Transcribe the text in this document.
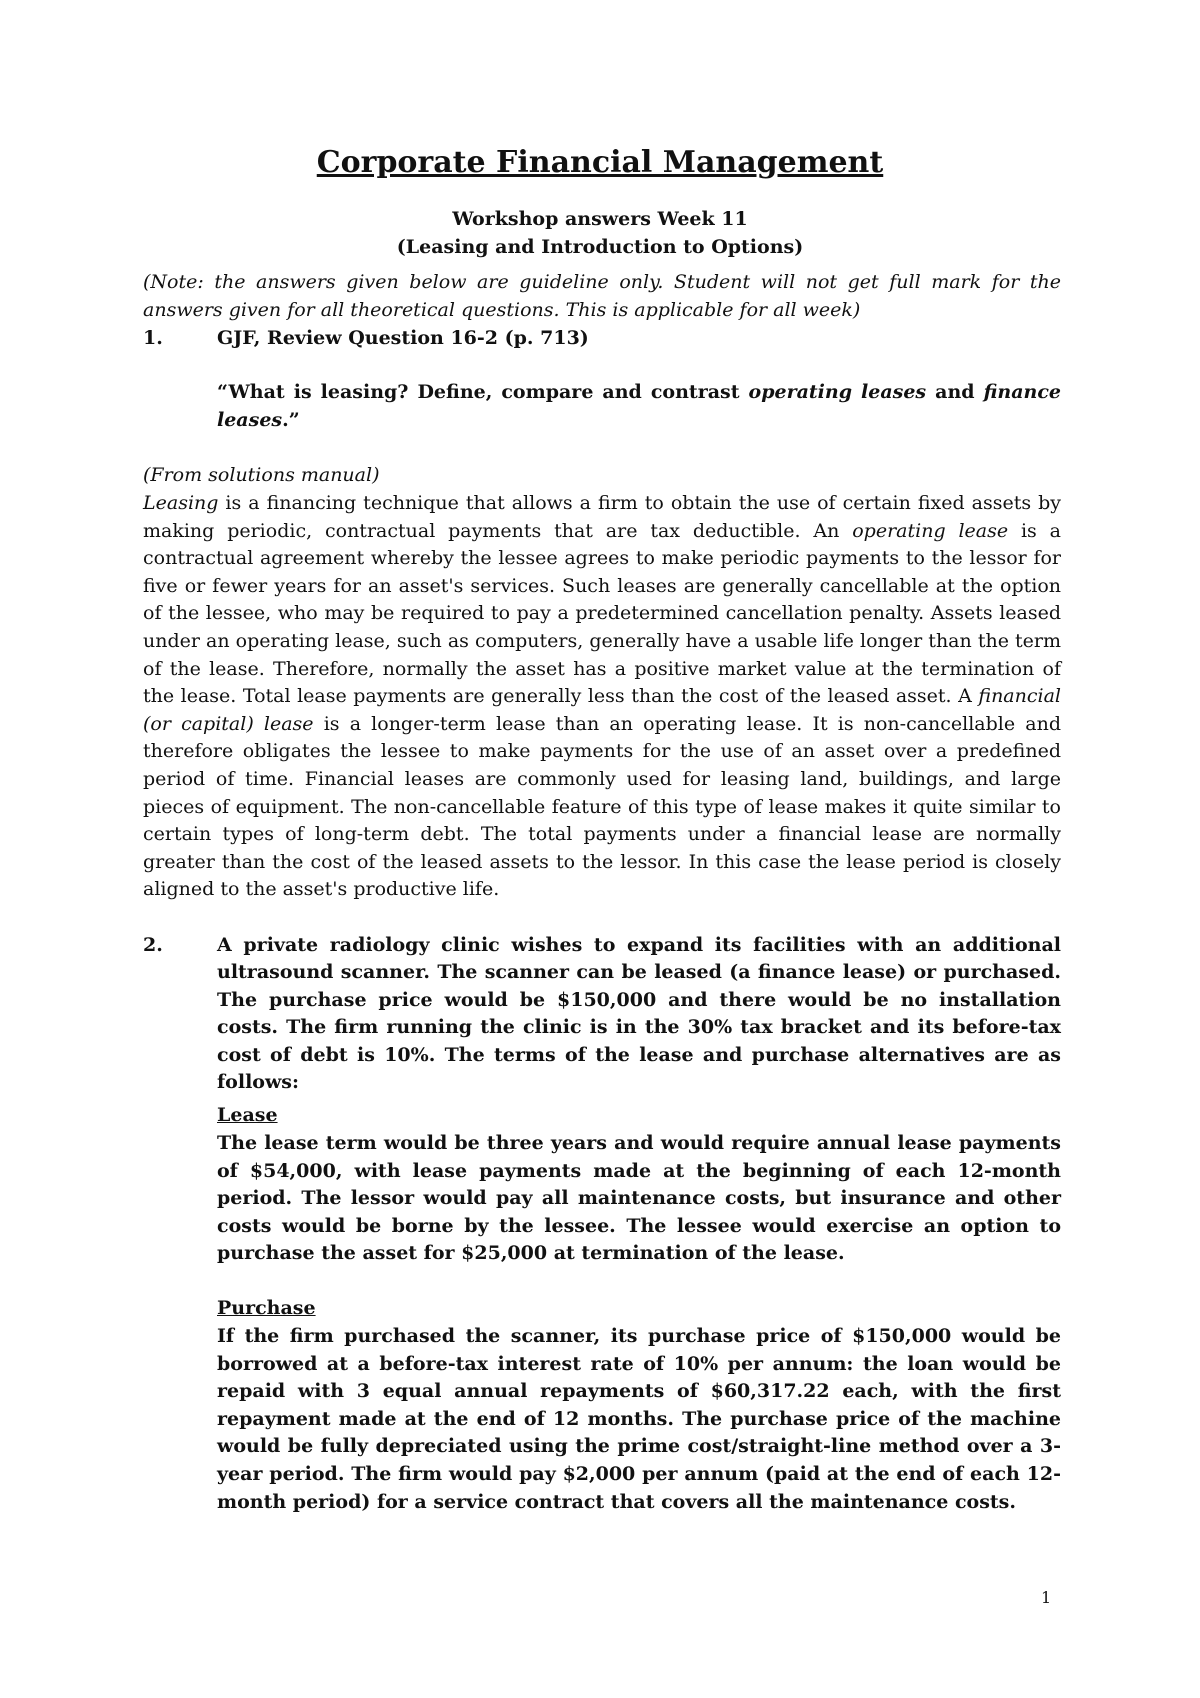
Corporate Financial Management

Workshop answers Week 11

(Leasing and Introduction to Options)

(Note: the answers given below are guideline only. Student will not get full mark for the answers given for all theoretical questions. This is applicable for all week)

1.	GJF, Review Question 16-2 (p. 713)

“What is leasing? Define, compare and contrast operating leases and finance leases.”

(From solutions manual)

Leasing is a financing technique that allows a firm to obtain the use of certain fixed assets by making periodic, contractual payments that are tax deductible. An operating lease is a contractual agreement whereby the lessee agrees to make periodic payments to the lessor for five or fewer years for an asset's services. Such leases are generally cancellable at the option of the lessee, who may be required to pay a predetermined cancellation penalty. Assets leased under an operating lease, such as computers, generally have a usable life longer than the term of the lease. Therefore, normally the asset has a positive market value at the termination of the lease. Total lease payments are generally less than the cost of the leased asset. A financial (or capital) lease is a longer-term lease than an operating lease. It is non-cancellable and therefore obligates the lessee to make payments for the use of an asset over a predefined period of time. Financial leases are commonly used for leasing land, buildings, and large pieces of equipment. The non-cancellable feature of this type of lease makes it quite similar to certain types of long-term debt. The total payments under a financial lease are normally greater than the cost of the leased assets to the lessor. In this case the lease period is closely aligned to the asset's productive life.

2.	A private radiology clinic wishes to expand its facilities with an additional ultrasound scanner. The scanner can be leased (a finance lease) or purchased. The purchase price would be $150,000 and there would be no installation costs. The firm running the clinic is in the 30% tax bracket and its before-tax cost of debt is 10%. The terms of the lease and purchase alternatives are as follows:

Lease

The lease term would be three years and would require annual lease payments of $54,000, with lease payments made at the beginning of each 12-month period. The lessor would pay all maintenance costs, but insurance and other costs would be borne by the lessee. The lessee would exercise an option to purchase the asset for $25,000 at termination of the lease.

Purchase

If the firm purchased the scanner, its purchase price of $150,000 would be borrowed at a before-tax interest rate of 10% per annum: the loan would be repaid with 3 equal annual repayments of $60,317.22 each, with the first repayment made at the end of 12 months. The purchase price of the machine would be fully depreciated using the prime cost/straight-line method over a 3-year period. The firm would pay $2,000 per annum (paid at the end of each 12-month period) for a service contract that covers all the maintenance costs.

1
